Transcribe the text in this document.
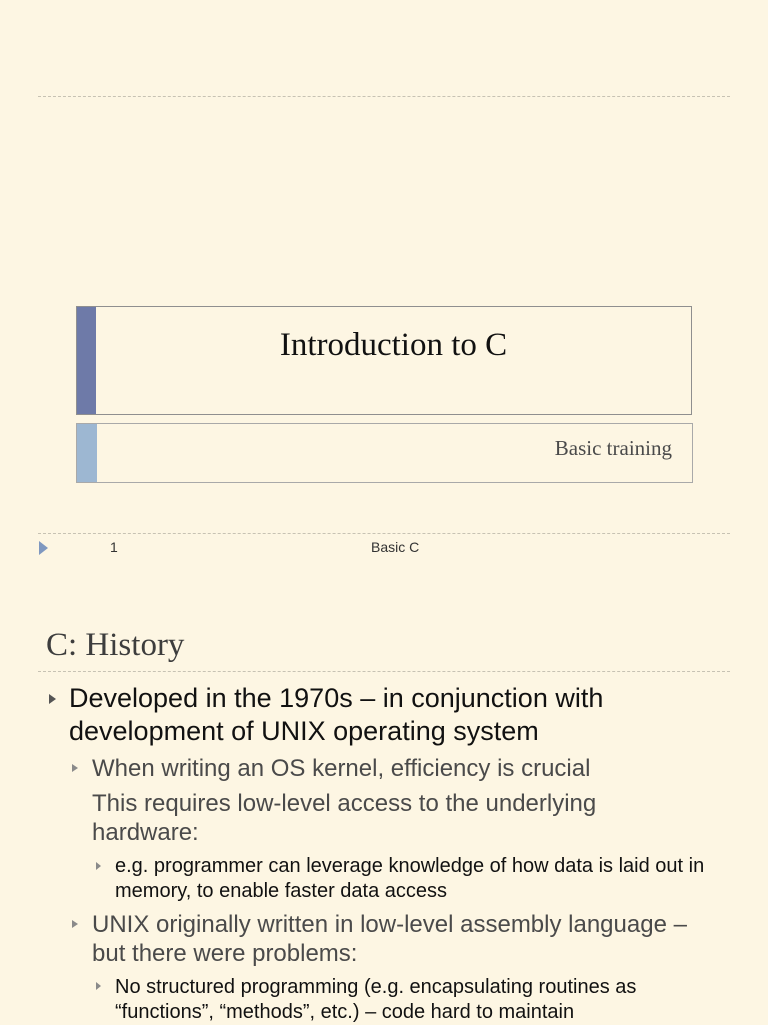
Introduction to C
Basic training
1	Basic C
C: History
Developed in the 1970s – in conjunction with development of UNIX operating system
When writing an OS kernel, efficiency is crucial
This requires low-level access to the underlying hardware:
e.g. programmer can leverage knowledge of how data is laid out in memory, to enable faster data access
UNIX originally written in low-level assembly language – but there were problems:
No structured programming (e.g. encapsulating routines as “functions”, “methods”, etc.) – code hard to maintain
